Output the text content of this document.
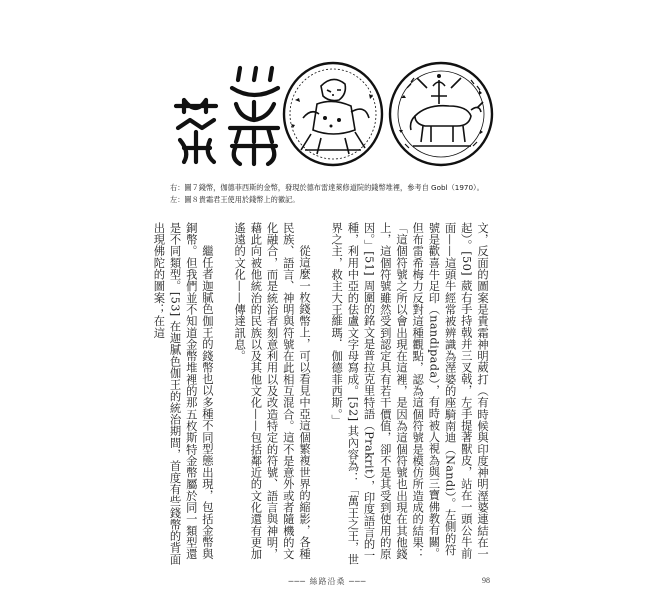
右：圖７錢幣，伽德菲西斯的金幣，發現於德布雷達萊修道院的錢幣堆裡，參考自 Gobl（1970）。
左：圖８貴霜君王使用於錢幣上的徽記。

文，反面的圖案是貴霜神明葳打（有時候與印度神明溼婆連結在一起）。[50] 葳右手持戟并三叉戟，左手提著獸皮，站在一頭公牛前面——這頭牛經常被辨識為溼婆的座騎南迪（Nandi）。左側的符號是歡喜牛足印（nandipada），有時被人視為與三寶佛教有關。但布雷希梅力反對這種觀點，認為這個符號是模仿所造成的結果：「這個符號之所以會出現在這裡，是因為這個符號也出現在其他錢上，這個符號雖然受到認定具有若干價值，卻不是其受到使用的原因。」[51] 周圍的銘文是普拉克里特語（Prakrit），印度語言的一種，利用中亞的佉盧文字母寫成。[52] 其內容為：「萬王之王，世界之主，救主大王維瑪．伽德菲西斯。」

從這麼一枚錢幣上，可以看見中亞這個繁複世界的縮影，各種民族、語言、神明與符號在此相互混合。這不是意外或者隨機的文化融合，而是統治者刻意利用以及改造特定的符號、語言與神明，藉此向被他統治的民族以及其他文化——包括鄰近的文化還有更加遙遠的文化——傳達訊息。

繼任者迦膩色伽王的錢幣也以多種不同型態出現，包括金幣與銅幣。但我們並不知道金幣堆裡的那五枚斯特金幣屬於同一類型還是不同類型。[53] 在迦膩色伽王的統治期間，首度有些錢幣的背面出現佛陀的圖案；在這

─── 絲路沿桑 ───	98
